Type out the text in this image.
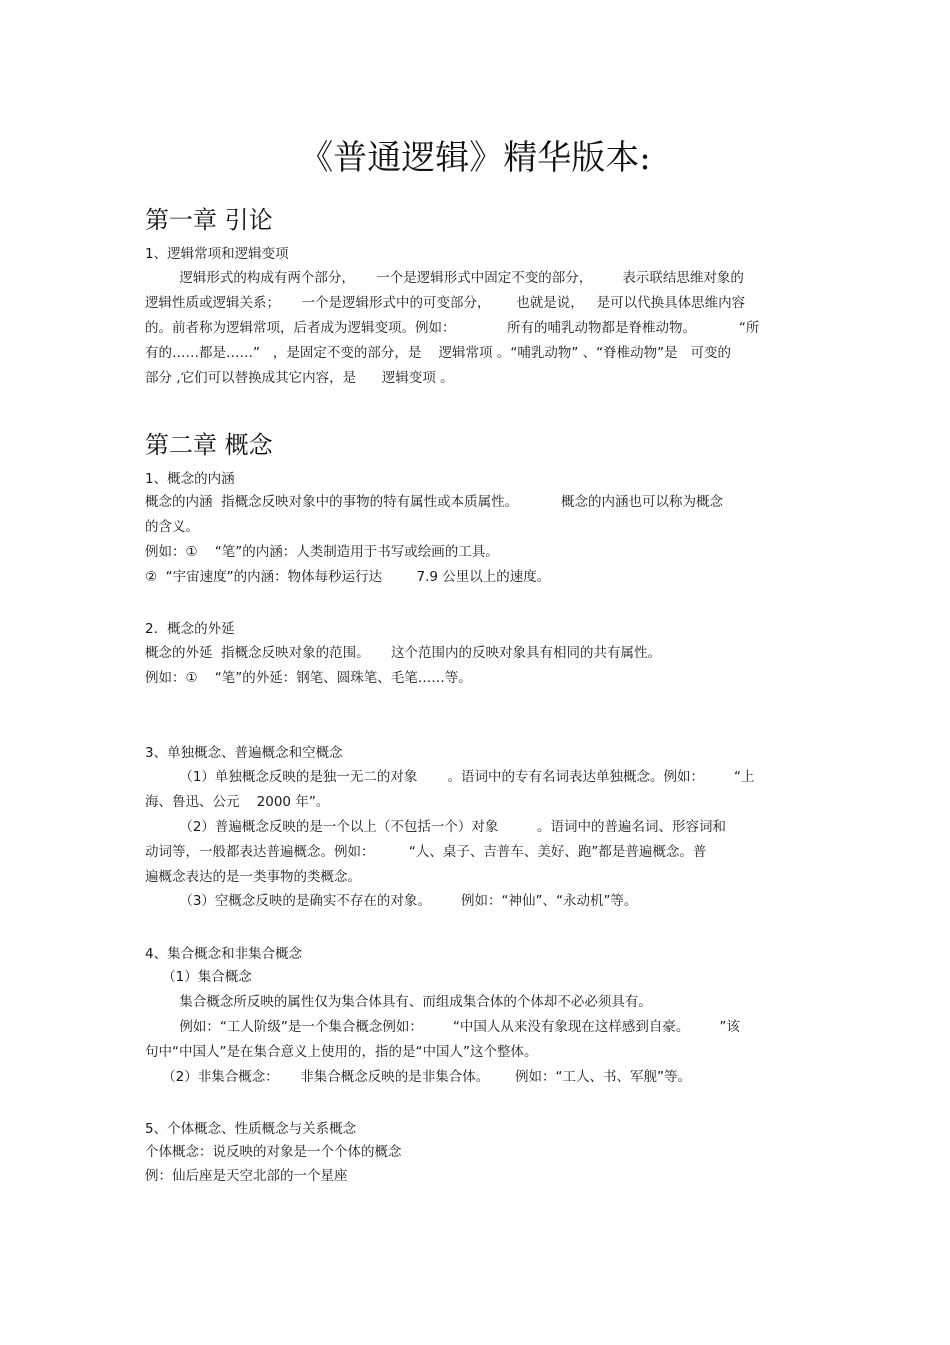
《普通逻辑》精华版本:
第一章 引论
1、逻辑常项和逻辑变项
逻辑形式的构成有两个部分，     一个是逻辑形式中固定不变的部分，       表示联结思维对象的
逻辑性质或逻辑关系；     一个是逻辑形式中的可变部分，      也就是说，   是可以代换具体思维内容
的。前者称为逻辑常项，后者成为逻辑变项。例如：            所有的哺乳动物都是脊椎动物。          “所
有的……都是……”   ，是固定不变的部分，是    逻辑常项 。“哺乳动物” 、“脊椎动物”是   可变的
部分 ,它们可以替换成其它内容，是      逻辑变项 。
第二章 概念
1、概念的内涵
概念的内涵  指概念反映对象中的事物的特有属性或本质属性。          概念的内涵也可以称为概念
的含义。
例如：①    “笔”的内涵：人类制造用于书写或绘画的工具。
②  “宇宙速度”的内涵：物体每秒运行达        7.9 公里以上的速度。
2．概念的外延
概念的外延  指概念反映对象的范围。     这个范围内的反映对象具有相同的共有属性。
例如：①    “笔”的外延：钢笔、圆珠笔、毛笔……等。
3、单独概念、普遍概念和空概念
（1）单独概念反映的是独一无二的对象       。语词中的专有名词表达单独概念。例如：       “上
海、鲁迅、公元    2000 年”。
（2）普遍概念反映的是一个以上（不包括一个）对象         。语词中的普遍名词、形容词和
动词等，一般都表达普遍概念。例如：        “人、桌子、吉普车、美好、跑”都是普遍概念。普
遍概念表达的是一类事物的类概念。
（3）空概念反映的是确实不存在的对象。       例如：“神仙”、“永动机”等。
4、集合概念和非集合概念
（1）集合概念
集合概念所反映的属性仅为集合体具有、而组成集合体的个体却不必必须具有。
例如：“工人阶级”是一个集合概念例如：       “中国人从来没有象现在这样感到自豪。       ”该
句中“中国人”是在集合意义上使用的，指的是“中国人”这个整体。
（2）非集合概念：     非集合概念反映的是非集合体。      例如：“工人、书、军舰”等。
5、个体概念、性质概念与关系概念
个体概念：说反映的对象是一个个体的概念
例：仙后座是天空北部的一个星座
